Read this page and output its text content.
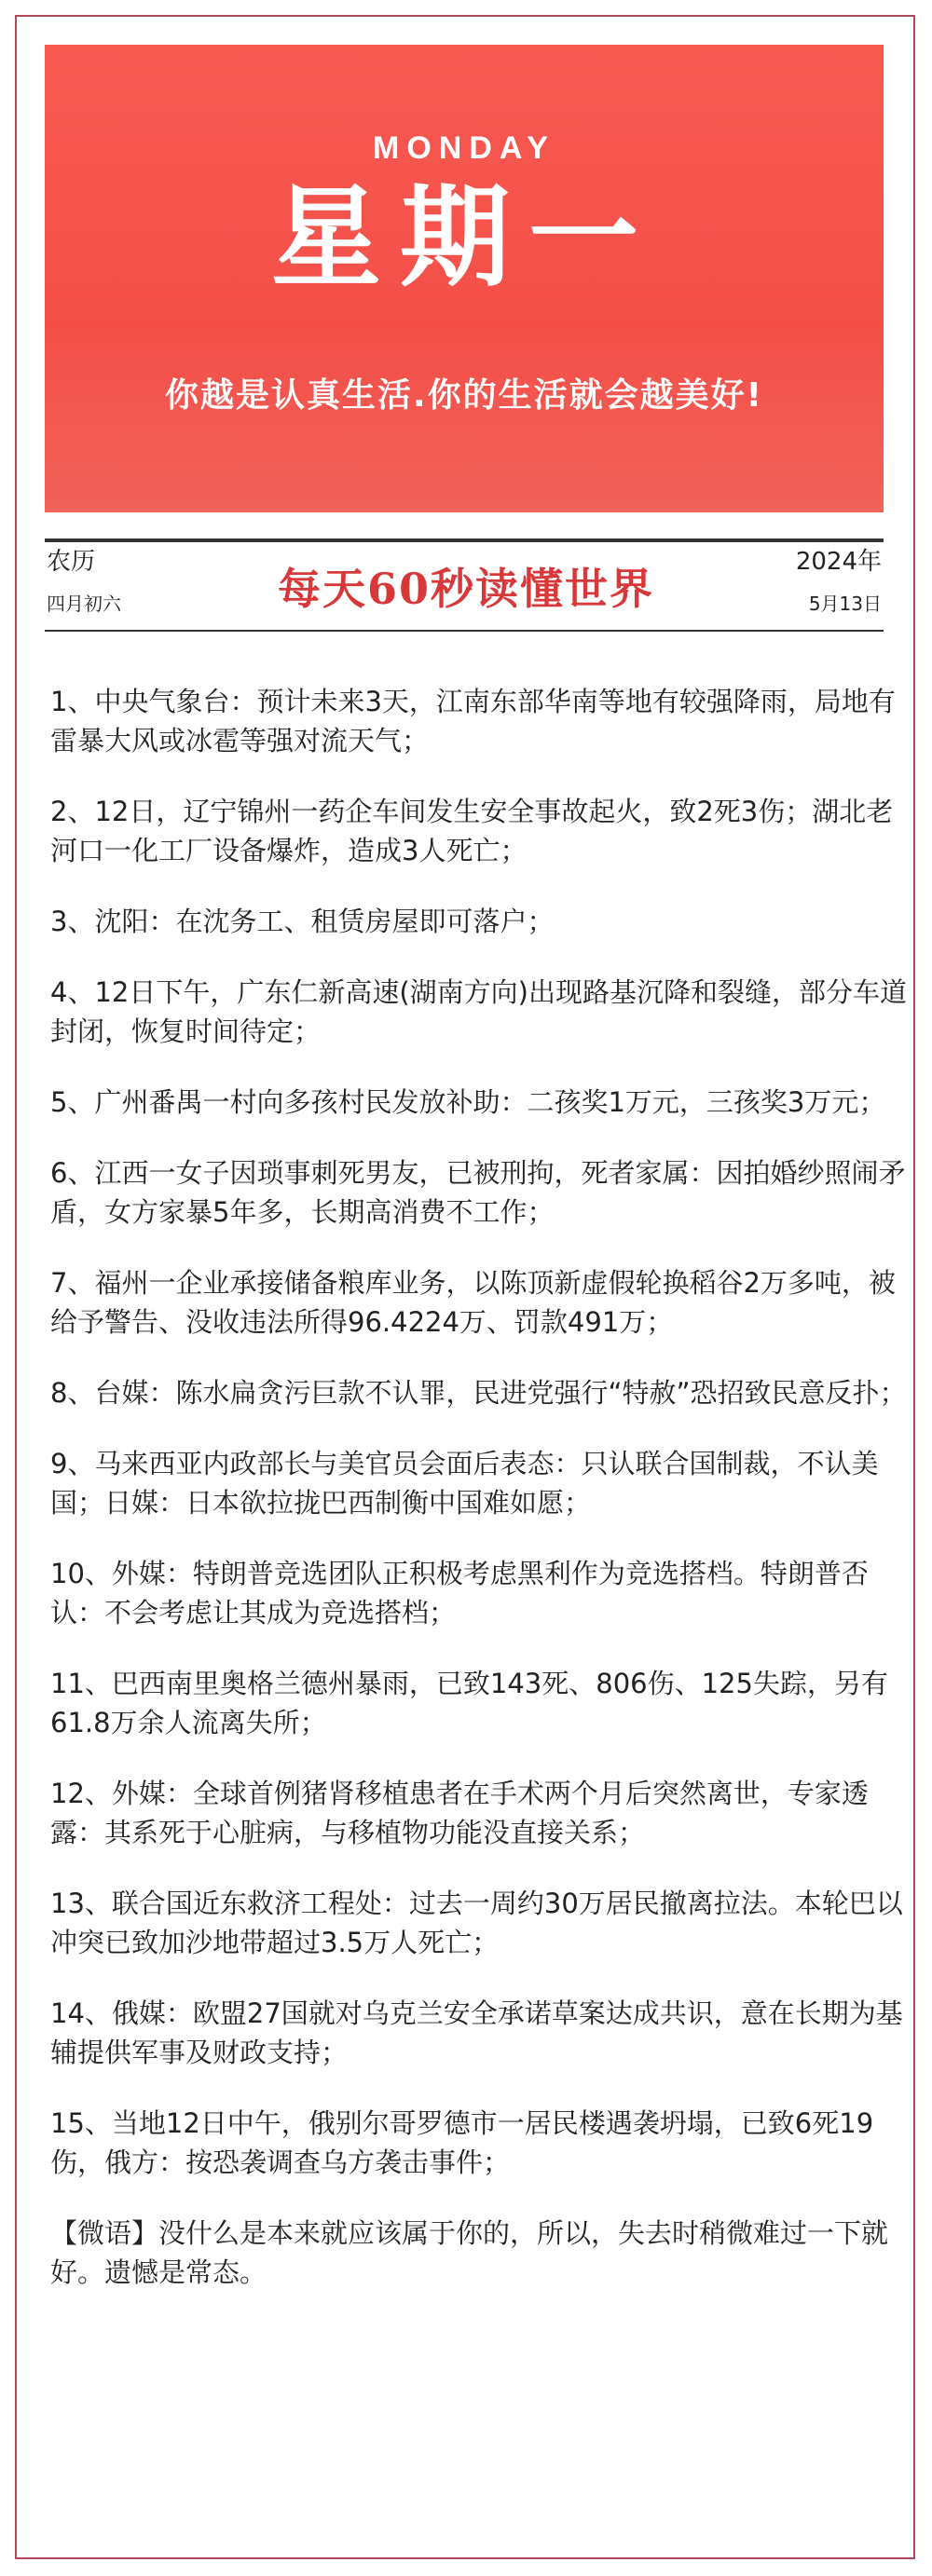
MONDAY
星期一
你越是认真生活.你的生活就会越美好!
农历
四月初六	每天60秒读懂世界
2024年
5月13日
1、中央气象台：预计未来3天，江南东部华南等地有较强降雨，局地有雷暴大风或冰雹等强对流天气；
2、12日，辽宁锦州一药企车间发生安全事故起火，致2死3伤；湖北老河口一化工厂设备爆炸，造成3人死亡；
3、沈阳：在沈务工、租赁房屋即可落户；
4、12日下午，广东仁新高速(湖南方向)出现路基沉降和裂缝，部分车道封闭，恢复时间待定；
5、广州番禺一村向多孩村民发放补助：二孩奖1万元，三孩奖3万元；
6、江西一女子因琐事刺死男友，已被刑拘，死者家属：因拍婚纱照闹矛盾，女方家暴5年多，长期高消费不工作；
7、福州一企业承接储备粮库业务，以陈顶新虚假轮换稻谷2万多吨，被给予警告、没收违法所得96.4224万、罚款491万；
8、台媒：陈水扁贪污巨款不认罪，民进党强行“特赦”恐招致民意反扑；
9、马来西亚内政部长与美官员会面后表态：只认联合国制裁，不认美国；日媒：日本欲拉拢巴西制衡中国难如愿；
10、外媒：特朗普竞选团队正积极考虑黑利作为竞选搭档。特朗普否认：不会考虑让其成为竞选搭档；
11、巴西南里奥格兰德州暴雨，已致143死、806伤、125失踪，另有61.8万余人流离失所；
12、外媒：全球首例猪肾移植患者在手术两个月后突然离世，专家透露：其系死于心脏病，与移植物功能没直接关系；
13、联合国近东救济工程处：过去一周约30万居民撤离拉法。本轮巴以冲突已致加沙地带超过3.5万人死亡；
14、俄媒：欧盟27国就对乌克兰安全承诺草案达成共识，意在长期为基辅提供军事及财政支持；
15、当地12日中午，俄别尔哥罗德市一居民楼遇袭坍塌，已致6死19伤，俄方：按恐袭调查乌方袭击事件；
【微语】没什么是本来就应该属于你的，所以，失去时稍微难过一下就好。遗憾是常态。
